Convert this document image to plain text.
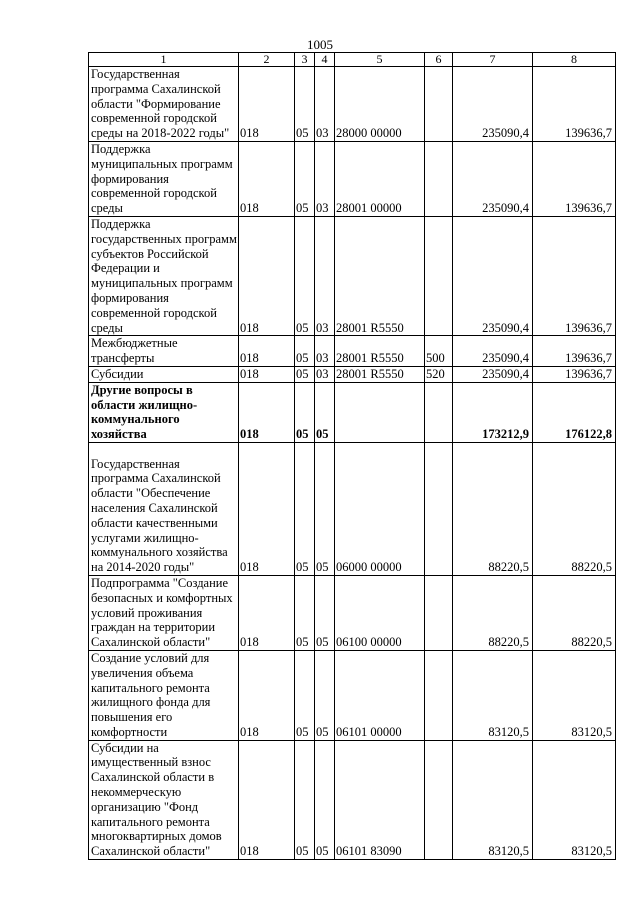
1005
1	2	3	4	5	6	7	8
Государственная программа Сахалинской области "Формирование современной городской среды на 2018-2022 годы"	018	05	03	28000 00000		235090,4	139636,7
Поддержка муниципальных программ формирования современной городской среды	018	05	03	28001 00000		235090,4	139636,7
Поддержка государственных программ субъектов Российской Федерации и муниципальных программ формирования современной городской среды	018	05	03	28001 R5550		235090,4	139636,7
Межбюджетные трансферты	018	05	03	28001 R5550	500	235090,4	139636,7
Субсидии	018	05	03	28001 R5550	520	235090,4	139636,7
Другие вопросы в области жилищно-коммунального хозяйства	018	05	05			173212,9	176122,8
Государственная программа Сахалинской области "Обеспечение населения Сахалинской области качественными услугами жилищно-коммунального хозяйства на 2014-2020 годы"	018	05	05	06000 00000		88220,5	88220,5
Подпрограмма "Создание безопасных и комфортных условий проживания граждан на территории Сахалинской области"	018	05	05	06100 00000		88220,5	88220,5
Создание условий для увеличения объема капитального ремонта жилищного фонда для повышения его комфортности	018	05	05	06101 00000		83120,5	83120,5
Субсидии на имущественный взнос Сахалинской области в некоммерческую организацию "Фонд капитального ремонта многоквартирных домов Сахалинской области"	018	05	05	06101 83090		83120,5	83120,5
